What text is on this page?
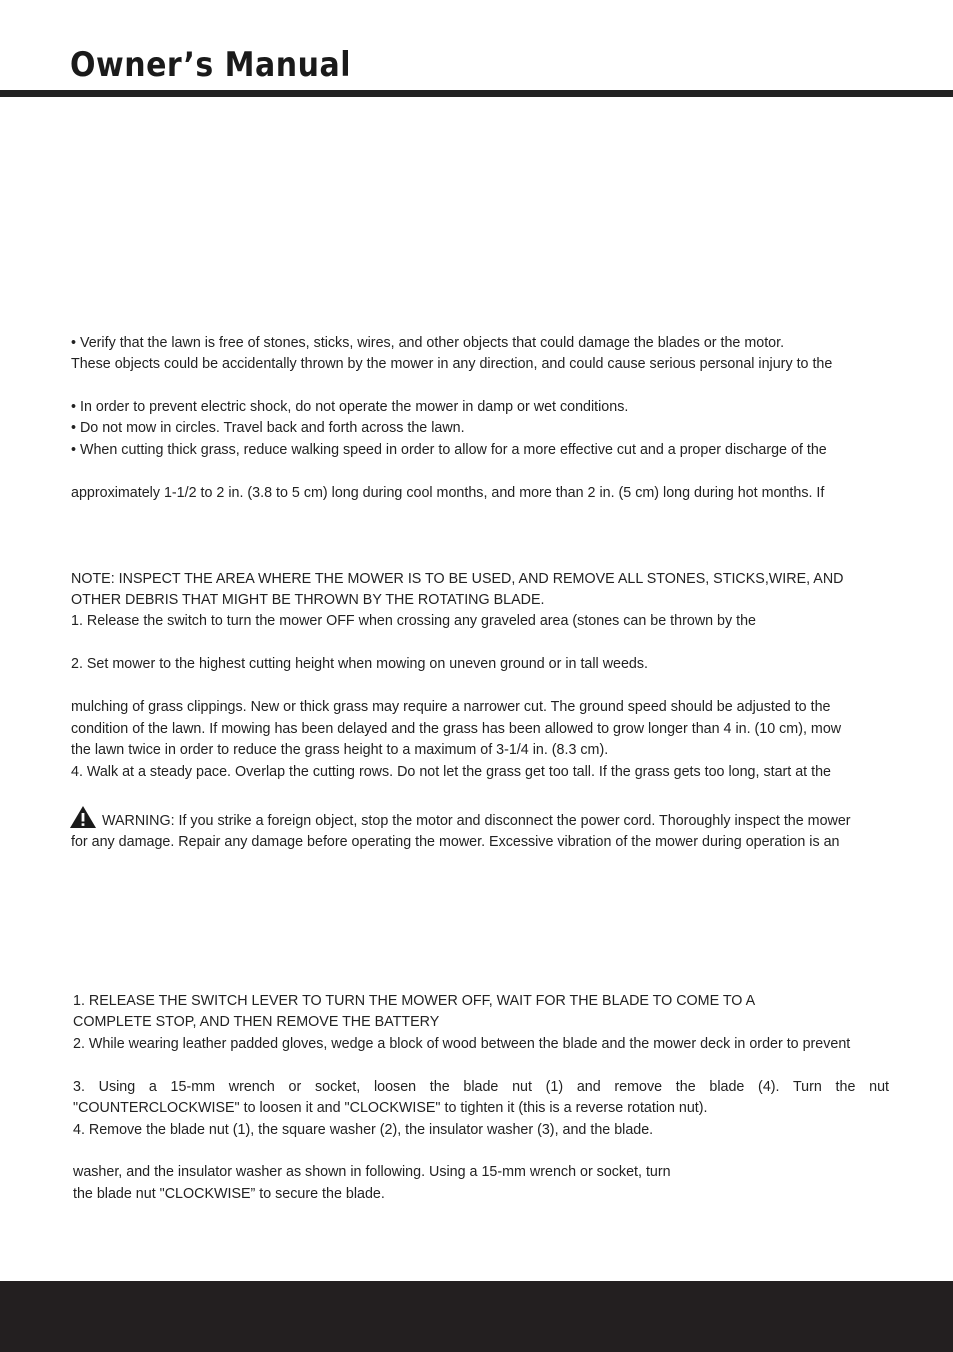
Owner’s Manual
• Verify that the lawn is free of stones, sticks, wires, and other objects that could damage the blades or the motor.
These objects could be accidentally thrown by the mower in any direction, and could cause serious personal injury to the
• In order to prevent electric shock, do not operate the mower in damp or wet conditions.
• Do not mow in circles. Travel back and forth across the lawn.
• When cutting thick grass, reduce walking speed in order to allow for a more effective cut and a proper discharge of the
approximately 1-1/2 to 2 in. (3.8 to 5 cm) long during cool months, and more than 2 in. (5 cm) long during hot months. If
NOTE: INSPECT THE AREA WHERE THE MOWER IS TO BE USED, AND REMOVE ALL STONES, STICKS,WIRE, AND
OTHER DEBRIS THAT MIGHT BE THROWN BY THE ROTATING BLADE.
1. Release the switch to turn the mower OFF when crossing any graveled area (stones can be thrown by the
2. Set mower to the highest cutting height when mowing on uneven ground or in tall weeds.
mulching of grass clippings. New or thick grass may require a narrower cut. The ground speed should be adjusted to the
condition of the lawn. If mowing has been delayed and the grass has been allowed to grow longer than 4 in. (10 cm), mow
the lawn twice in order to reduce the grass height to a maximum of 3-1/4 in. (8.3 cm).
4. Walk at a steady pace. Overlap the cutting rows. Do not let the grass get too tall. If the grass gets too long, start at the
WARNING: If you strike a foreign object, stop the motor and disconnect the power cord. Thoroughly inspect the mower
for any damage. Repair any damage before operating the mower. Excessive vibration of the mower during operation is an
1. RELEASE THE SWITCH LEVER TO TURN THE MOWER OFF, WAIT FOR THE BLADE TO COME TO A
COMPLETE STOP, AND THEN REMOVE THE BATTERY
2. While wearing leather padded gloves, wedge a block of wood between the blade and the mower deck in order to prevent
3. Using a 15-mm wrench or socket, loosen the blade nut (1) and remove the blade (4). Turn the nut
"COUNTERCLOCKWISE" to loosen it and "CLOCKWISE" to tighten it (this is a reverse rotation nut).
4. Remove the blade nut (1), the square washer (2), the insulator washer (3), and the blade.
washer, and the insulator washer as shown in following. Using a 15-mm wrench or socket, turn
the blade nut "CLOCKWISE” to secure the blade.
